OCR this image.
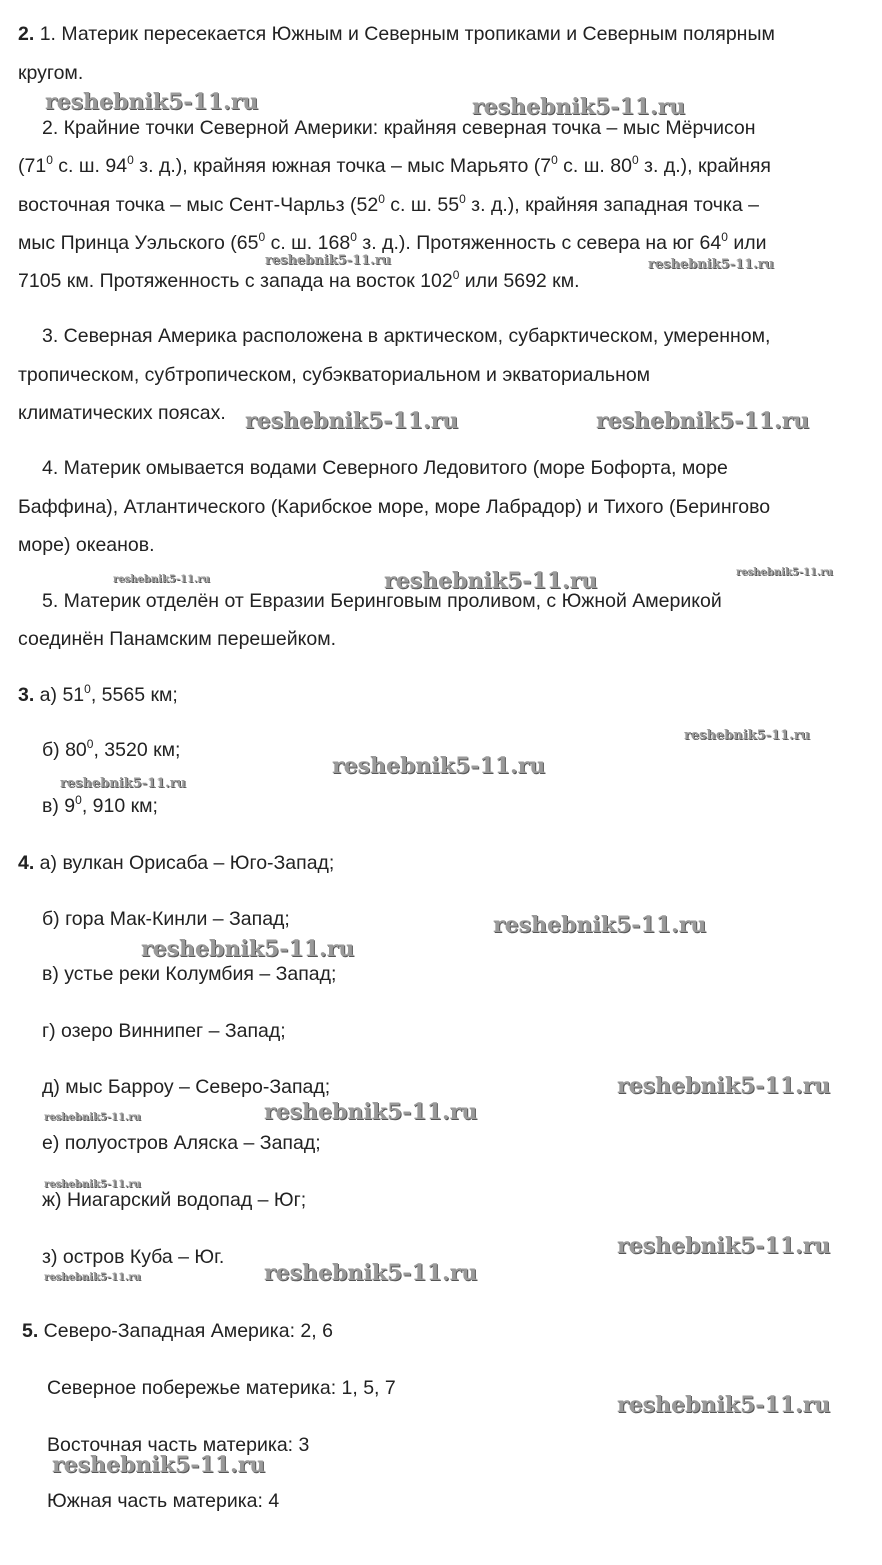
2. 1. Материк пересекается Южным и Северным тропиками и Северным полярным
кругом.
2. Крайние точки Северной Америки: крайняя северная точка – мыс Мёрчисон
($71^0$ с. ш. $94^0$ з. д.), крайняя южная точка – мыс Марьято ($7^0$ с. ш. $80^0$ з. д.), крайняя
восточная точка – мыс Сент-Чарльз ($52^0$ с. ш. $55^0$ з. д.), крайняя западная точка –
мыс Принца Уэльского ($65^0$ с. ш. $168^0$ з. д.). Протяженность с севера на юг $64^0$ или
7105 км. Протяженность с запада на восток $102^0$ или 5692 км.
3. Северная Америка расположена в арктическом, субарктическом, умеренном,
тропическом, субтропическом, субэкваториальном и экваториальном
климатических поясах.
4. Материк омывается водами Северного Ледовитого (море Бофорта, море
Баффина), Атлантического (Карибское море, море Лабрадор) и Тихого (Берингово
море) океанов.
5. Материк отделён от Евразии Беринговым проливом, с Южной Америкой
соединён Панамским перешейком.
3. а) $51^0$, 5565 км;
б) $80^0$, 3520 км;
в) $9^0$, 910 км;
4. а) вулкан Орисаба – Юго-Запад;
б) гора Мак-Кинли – Запад;
в) устье реки Колумбия – Запад;
г) озеро Виннипег – Запад;
д) мыс Барроу – Северо-Запад;
е) полуостров Аляска – Запад;
ж) Ниагарский водопад – Юг;
з) остров Куба – Юг.
5. Северо-Западная Америка: 2, 6
Северное побережье материка: 1, 5, 7
Восточная часть материка: 3
Южная часть материка: 4
reshebnik5-11.ru	reshebnik5-11.ru
reshebnik5-11.ru	reshebnik5-11.ru
reshebnik5-11.ru	reshebnik5-11.ru
reshebnik5-11.ru	reshebnik5-11.ru	reshebnik5-11.ru
reshebnik5-11.ru
reshebnik5-11.ru
reshebnik5-11.ru
reshebnik5-11.ru
reshebnik5-11.ru
reshebnik5-11.ru
reshebnik5-11.ru
reshebnik5-11.ru
reshebnik5-11.ru
reshebnik5-11.ru
reshebnik5-11.ru
reshebnik5-11.ru
reshebnik5-11.ru
reshebnik5-11.ru
